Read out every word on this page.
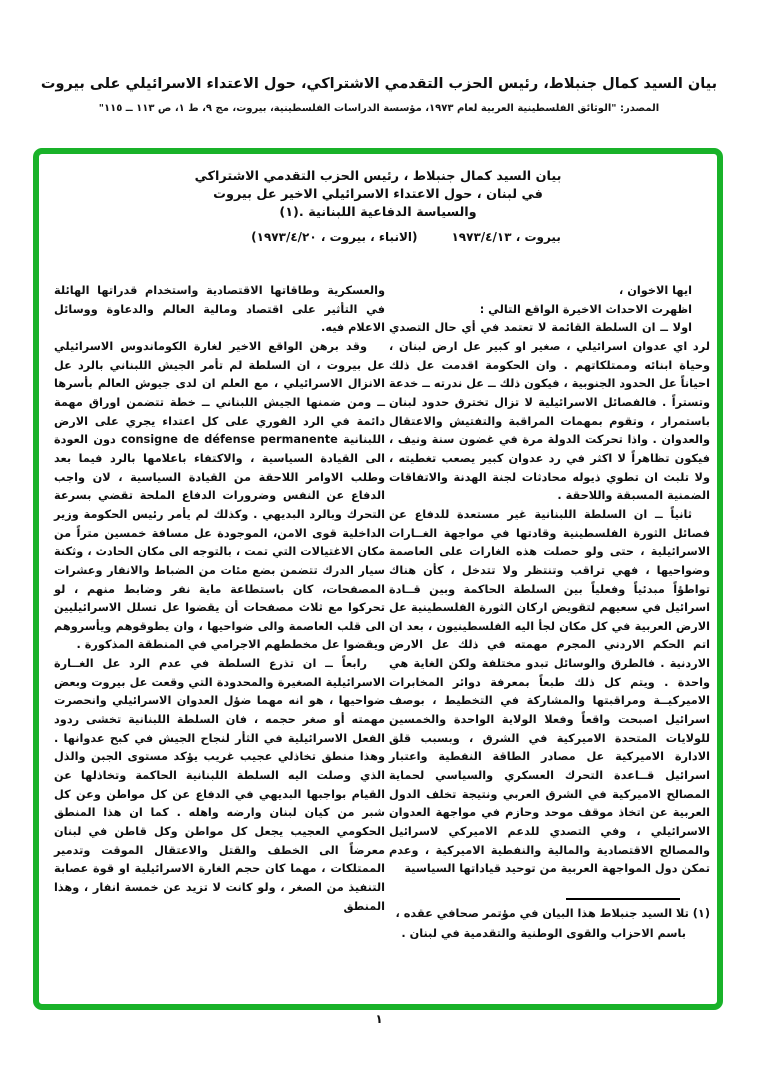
بيان السيد كمال جنبلاط، رئيس الحزب التقدمي الاشتراكي، حول الاعتداء الاسرائيلي على بيروت
المصدر: "الوثائق الفلسطينية العربية لعام ١٩٧٣، مؤسسة الدراسات الفلسطينية، بيروت، مج ٩، ط ١، ص ١١٣ ــ ١١٥"
بيان السيد كمال جنبلاط ، رئيس الحزب التقدمي الاشتراكي
في لبنان ، حول الاعتداء الاسرائيلي الاخير عل بيروت
والسياسة الدفاعية اللبنانية .(١)
بيروت ، ١٩٧٣/٤/١٣
(الانباء ، بيروت ، ١٩٧٣/٤/٢٠)

ايها الاخوان ،

اظهرت الاحداث الاخيرة الواقع التالي :

اولا ــ ان السلطة القائمة لا تعتمد في أي حال التصدي لرد اي عدوان اسرائيلي ، صغير او كبير عل ارض لبنان ، وحياة ابنائه وممتلكاتهم . وان الحكومة اقدمت عل ذلك احياناً عل الحدود الجنوبية ، فيكون ذلك ــ عل ندرته ــ خدعة وتستراً . فالفصائل الاسرائيلية لا تزال تخترق حدود لبنان باستمرار ، وتقوم بمهمات المراقبة والتفتيش والاعتقال والعدوان . واذا تحركت الدولة مرة في غضون سنة ونيف ، فيكون تظاهراً لا اكثر في رد عدوان كبير يصعب تغطيته ، ولا تلبث ان تطوي ذيوله محادثات لجنة الهدنة والاتفاقات الضمنية المسبقة واللاحقة .

ثانياً ــ ان السلطة اللبنانية غير مستعدة للدفاع عن فصائل الثورة الفلسطينية وقادتها في مواجهة الغــارات الاسرائيلية ، حتى ولو حصلت هذه الغارات على العاصمة وضواحيها ، فهي تراقب وتنتظر ولا تتدخل ، كأن هناك تواطؤاً مبدئياً وفعلياً بين السلطة الحاكمة وبين قــادة اسرائيل في سعيهم لتقويض اركان الثورة الفلسطينية عل الارض العربية في كل مكان لجأ اليه الفلسطينيون ، بعد ان اتم الحكم الاردني المجرم مهمته في ذلك عل الارض الاردنية . فالطرق والوسائل تبدو مختلفة ولكن الغاية هي واحدة . ويتم كل ذلك طبعاً بمعرفة دوائر المخابرات الاميركيــة ومراقبتها والمشاركة في التخطيط ، بوصف اسرائيل اصبحت واقعاً وفعلا الولاية الواحدة والخمسين للولايات المتحدة الاميركية في الشرق ، وبسبب قلق الادارة الاميركية عل مصادر الطاقة النفطية واعتبار اسرائيل قــاعدة التحرك العسكري والسياسي لحماية المصالح الاميركية في الشرق العربي ونتيجة تخلف الدول العربية عن اتخاذ موقف موحد وحازم في مواجهة العدوان الاسرائيلي ، وفي التصدي للدعم الاميركي لاسرائيل والمصالح الاقتصادية والمالية والنفطية الاميركية ، وعدم تمكن دول المواجهة العربية من توحيد قياداتها السياسية

والعسكرية وطاقاتها الاقتصادية واستخدام قدراتها الهائلة في التأثير على اقتصاد ومالية العالم والدعاوة ووسائل الاعلام فيه.

وقد برهن الواقع الاخير لغارة الكوماندوس الاسرائيلي عل بيروت ، ان السلطة لم تأمر الجيش اللبناني بالرد عل الانزال الاسرائيلي ، مع العلم ان لدى جيوش العالم بأسرها ــ ومن ضمنها الجيش اللبناني ــ خطة تتضمن اوراق مهمة دائمة في الرد الفوري على كل اعتداء يجري على الارض اللبنانية consigne de défense permanente دون العودة الى القيادة السياسية ، والاكتفاء باعلامها بالرد فيما بعد وطلب الاوامر اللاحقة من القيادة السياسية ، لان واجب الدفاع عن النفس وضرورات الدفاع الملحة تقضي بسرعة التحرك وبالرد البديهي . وكذلك لم يأمر رئيس الحكومة وزير الداخلية قوى الامن، الموجودة عل مسافة خمسين متراً من مكان الاغتيالات التي تمت ، بالتوجه الى مكان الحادث ، وثكنة سيار الدرك تتضمن بضع مئات من الضباط والانفار وعشرات المصفحات، كان باستطاعة ماية نفر وضابط منهم ، لو تحركوا مع ثلاث مصفحات أن يقضوا عل تسلل الاسرائيليين الى قلب العاصمة والى ضواحيها ، وان يطوقوهم ويأسروهم ويقضوا عل مخططهم الاجرامي في المنطقة المذكورة .

رابعاً ــ ان تذرع السلطة في عدم الرد عل الغــارة الاسرائيلية الصغيرة والمحدودة التي وقعت عل بيروت وبعض ضواحيها ، هو انه مهما ضؤل العدوان الاسرائيلي وانحصرت مهمته أو صغر حجمه ، فان السلطة اللبنانية تخشى ردود الفعل الاسرائيلية في الثأر لنجاح الجيش في كبح عدوانها . وهذا منطق تخاذلي عجيب غريب يؤكد مستوى الجبن والذل الذي وصلت اليه السلطة اللبنانية الحاكمة وتخاذلها عن القيام بواجبها البديهي في الدفاع عن كل مواطن وعن كل شبر من كيان لبنان وارضه واهله . كما ان هذا المنطق الحكومي العجيب يجعل كل مواطن وكل قاطن في لبنان معرضاً الى الخطف والقتل والاعتقال الموقت وتدمير الممتلكات ، مهما كان حجم الغارة الاسرائيلية او قوة عصابة التنفيذ من الصغر ، ولو كانت لا تزيد عن خمسة انفار ، وهذا المنطق

(١) تلا السيد جنبلاط هذا البيان في مؤتمر صحافي عقده ،
باسم الاحزاب والقوى الوطنية والتقدمية في لبنان .
١
